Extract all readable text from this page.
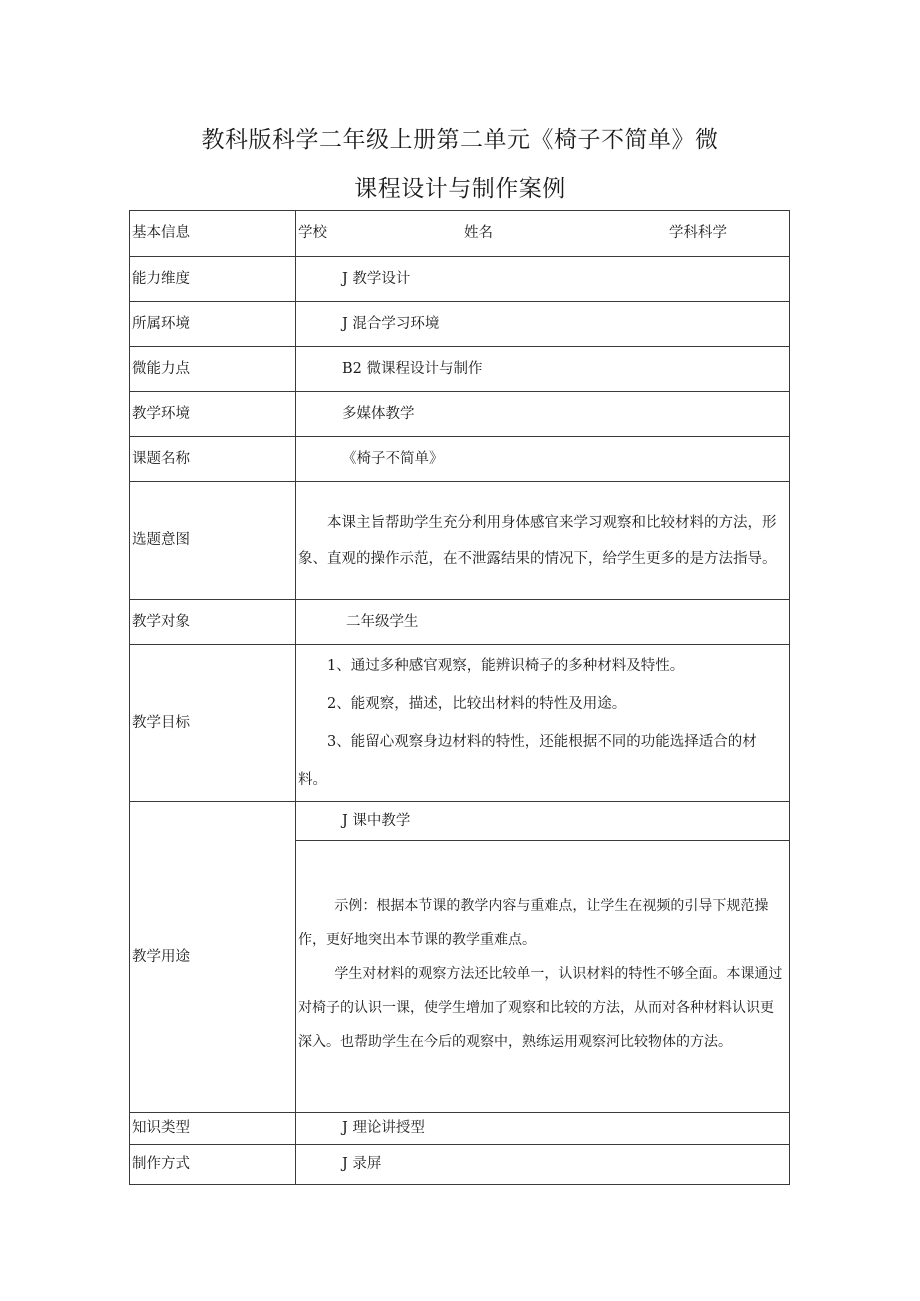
教科版科学二年级上册第二单元《椅子不简单》微
课程设计与制作案例
基本信息	学校 姓名 学科科学

能力维度	J 教学设计

所属环境	J 混合学习环境

微能力点	B2 微课程设计与制作

教学环境	多媒体教学

课题名称	《椅子不简单》

选题意图	本课主旨帮助学生充分利用身体感官来学习观察和比较材料的方法，形象、直观的操作示范，在不泄露结果的情况下，给学生更多的是方法指导。

教学对象	二年级学生

教学目标	1、通过多种感官观察，能辨识椅子的多种材料及特性。

2、能观察，描述，比较出材料的特性及用途。

3、能留心观察身边材料的特性，还能根据不同的功能选择适合的材料。

教学用途	J 课中教学

示例：根据本节课的教学内容与重难点，让学生在视频的引导下规范操作，更好地突出本节课的教学重难点。

学生对材料的观察方法还比较单一，认识材料的特性不够全面。本课通过对椅子的认识一课，使学生增加了观察和比较的方法，从而对各种材料认识更深入。也帮助学生在今后的观察中，熟练运用观察河比较物体的方法。

知识类型	J 理论讲授型

制作方式	J 录屏
